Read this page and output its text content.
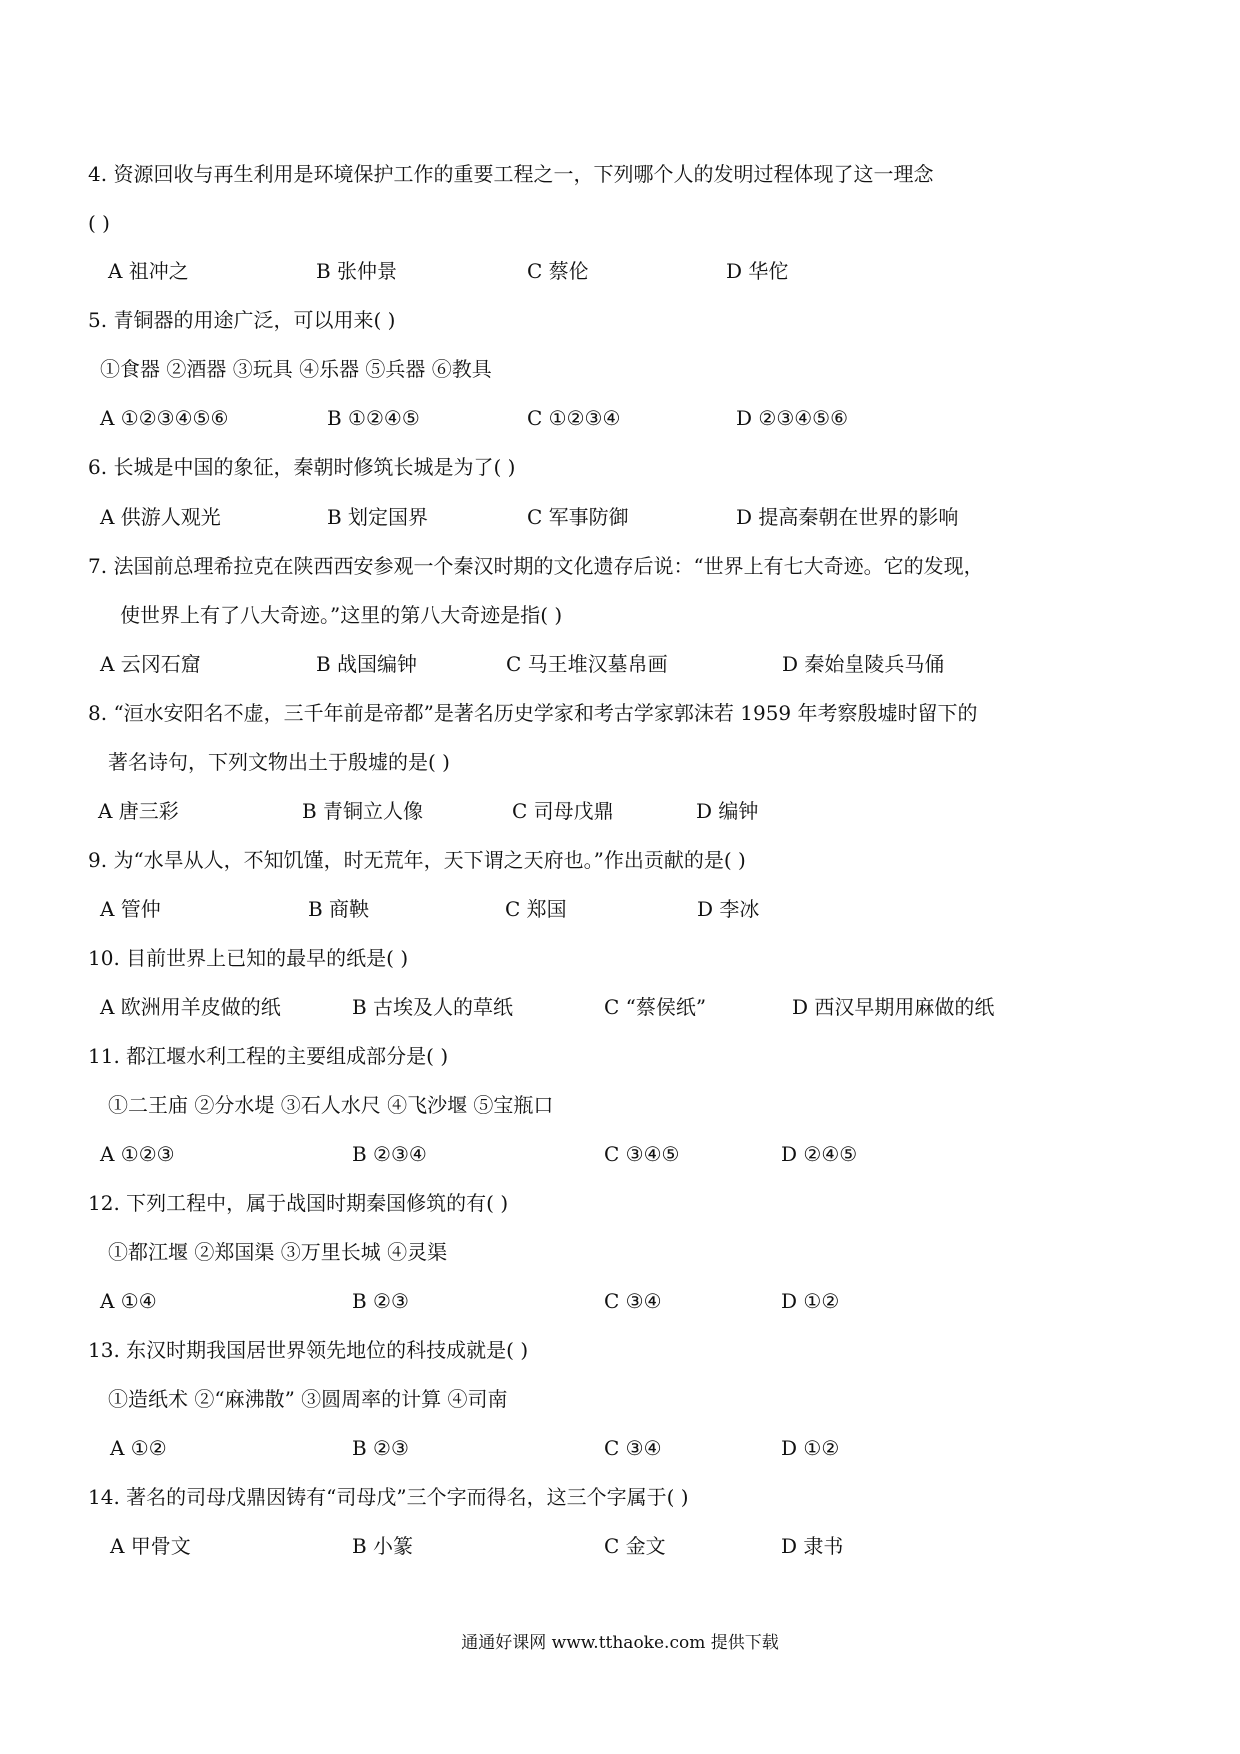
4. 资源回收与再生利用是环境保护工作的重要工程之一，下列哪个人的发明过程体现了这一理念
( )
A 祖冲之	B 张仲景	C 蔡伦	D 华佗
5. 青铜器的用途广泛，可以用来( )
①食器 ②酒器 ③玩具 ④乐器 ⑤兵器 ⑥教具
A ①②③④⑤⑥	B ①②④⑤	C ①②③④	D ②③④⑤⑥
6. 长城是中国的象征，秦朝时修筑长城是为了( )
A 供游人观光	B 划定国界	C 军事防御	D 提高秦朝在世界的影响
7. 法国前总理希拉克在陕西西安参观一个秦汉时期的文化遗存后说：“世界上有七大奇迹。它的发现，
使世界上有了八大奇迹。”这里的第八大奇迹是指( )
A 云冈石窟	B 战国编钟	C 马王堆汉墓帛画	D 秦始皇陵兵马俑
8. “洹水安阳名不虚，三千年前是帝都”是著名历史学家和考古学家郭沫若 1959 年考察殷墟时留下的
著名诗句，下列文物出土于殷墟的是( )
A 唐三彩	B 青铜立人像	C 司母戊鼎	D 编钟
9. 为“水旱从人，不知饥馑，时无荒年，天下谓之天府也。”作出贡献的是( )
A 管仲	B 商鞅	C 郑国	D 李冰
10. 目前世界上已知的最早的纸是( )
A 欧洲用羊皮做的纸	B 古埃及人的草纸	C “蔡侯纸”	D 西汉早期用麻做的纸
11. 都江堰水利工程的主要组成部分是( )
①二王庙 ②分水堤 ③石人水尺 ④飞沙堰 ⑤宝瓶口
A ①②③	B ②③④	C ③④⑤	D ②④⑤
12. 下列工程中，属于战国时期秦国修筑的有( )
①都江堰 ②郑国渠 ③万里长城 ④灵渠
A ①④	B ②③	C ③④	D ①②
13. 东汉时期我国居世界领先地位的科技成就是( )
①造纸术 ②“麻沸散” ③圆周率的计算 ④司南
A ①②	B ②③	C ③④	D ①②
14. 著名的司母戊鼎因铸有“司母戊”三个字而得名，这三个字属于( )
A 甲骨文	B 小篆	C 金文	D 隶书
通通好课网 www.tthaoke.com 提供下载
